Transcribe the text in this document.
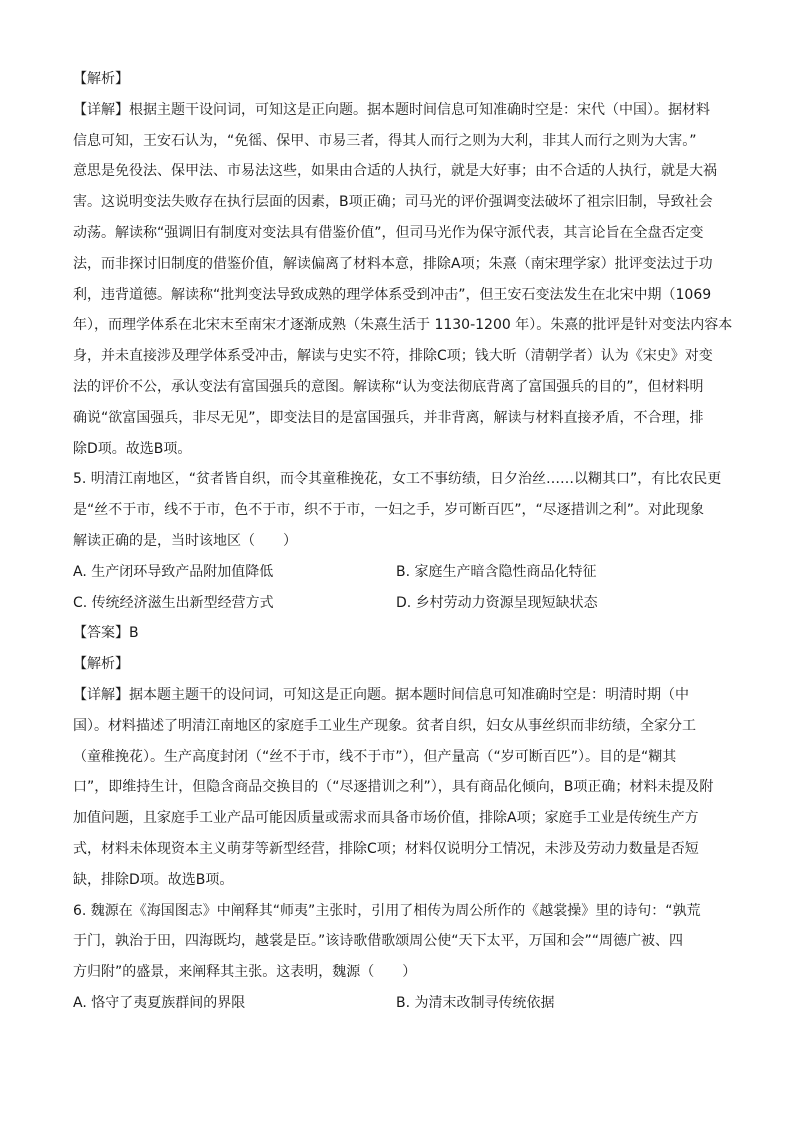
【解析】
【详解】根据主题干设问词，可知这是正向题。据本题时间信息可知准确时空是：宋代（中国）。据材料
信息可知，王安石认为，“免徭、保甲、市易三者，得其人而行之则为大利，非其人而行之则为大害。”
意思是免役法、保甲法、市易法这些，如果由合适的人执行，就是大好事；由不合适的人执行，就是大祸
害。这说明变法失败存在执行层面的因素，B项正确；司马光的评价强调变法破坏了祖宗旧制，导致社会
动荡。解读称“强调旧有制度对变法具有借鉴价值”，但司马光作为保守派代表，其言论旨在全盘否定变
法，而非探讨旧制度的借鉴价值，解读偏离了材料本意，排除A项；朱熹（南宋理学家）批评变法过于功
利，违背道德。解读称“批判变法导致成熟的理学体系受到冲击”，但王安石变法发生在北宋中期（1069
年），而理学体系在北宋末至南宋才逐渐成熟（朱熹生活于 1130-1200 年）。朱熹的批评是针对变法内容本
身，并未直接涉及理学体系受冲击，解读与史实不符，排除C项；钱大昕（清朝学者）认为《宋史》对变
法的评价不公，承认变法有富国强兵的意图。解读称“认为变法彻底背离了富国强兵的目的”，但材料明
确说“欲富国强兵，非尽无见”，即变法目的是富国强兵，并非背离，解读与材料直接矛盾，不合理，排
除D项。故选B项。
5. 明清江南地区，“贫者皆自织，而令其童稚挽花，女工不事纺绩，日夕治丝……以糊其口”，有比农民更
是“丝不于市，线不于市，色不于市，织不于市，一妇之手，岁可断百匹”，“尽逐措训之利”。对此现象
解读正确的是，当时该地区（　　）
A. 生产闭环导致产品附加值降低	B. 家庭生产暗含隐性商品化特征
C. 传统经济滋生出新型经营方式	D. 乡村劳动力资源呈现短缺状态
【答案】B
【解析】
【详解】据本题主题干的设问词，可知这是正向题。据本题时间信息可知准确时空是：明清时期（中
国）。材料描述了明清江南地区的家庭手工业生产现象。贫者自织，妇女从事丝织而非纺绩，全家分工
（童稚挽花）。生产高度封闭（“丝不于市，线不于市”），但产量高（“岁可断百匹”）。目的是“糊其
口”，即维持生计，但隐含商品交换目的（“尽逐措训之利”），具有商品化倾向，B项正确；材料未提及附
加值问题，且家庭手工业产品可能因质量或需求而具备市场价值，排除A项；家庭手工业是传统生产方
式，材料未体现资本主义萌芽等新型经营，排除C项；材料仅说明分工情况，未涉及劳动力数量是否短
缺，排除D项。故选B项。
6. 魏源在《海国图志》中阐释其“师夷”主张时，引用了相传为周公所作的《越裳操》里的诗句：“孰荒
于门，孰治于田，四海既均，越裳是臣。”该诗歌借歌颂周公使“天下太平，万国和会”“周德广被、四
方归附”的盛景，来阐释其主张。这表明，魏源（　　）
A. 恪守了夷夏族群间的界限	B. 为清末改制寻传统依据
